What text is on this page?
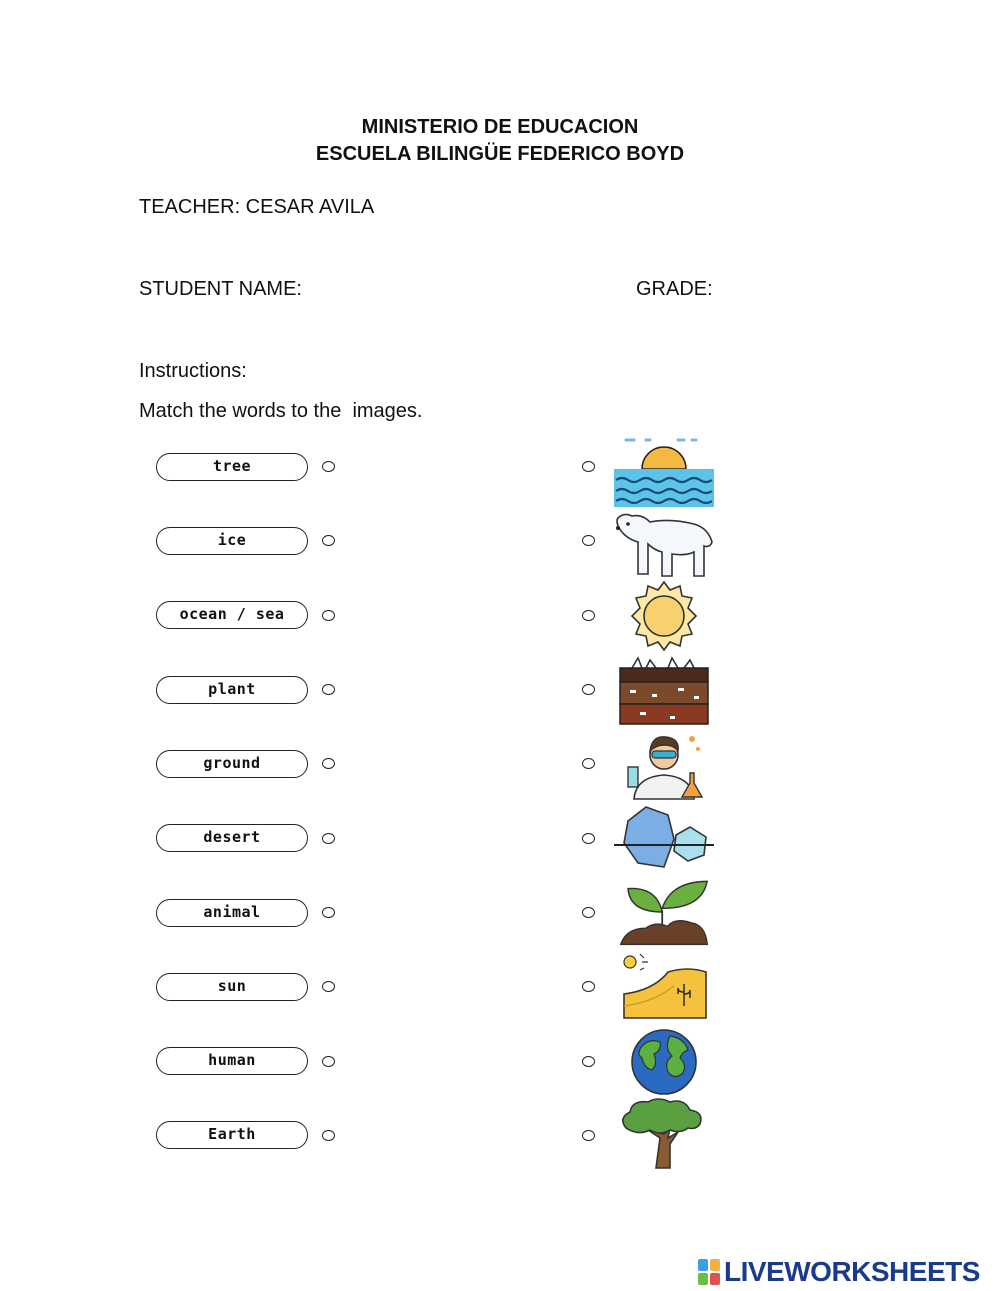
MINISTERIO DE EDUCACION
ESCUELA BILINGÜE FEDERICO BOYD
TEACHER: CESAR AVILA
STUDENT NAME:	GRADE:
Instructions:
Match the words to the  images.
tree
ice
ocean / sea
plant
ground
desert
animal
sun
human
Earth
LIVEWORKSHEETS
